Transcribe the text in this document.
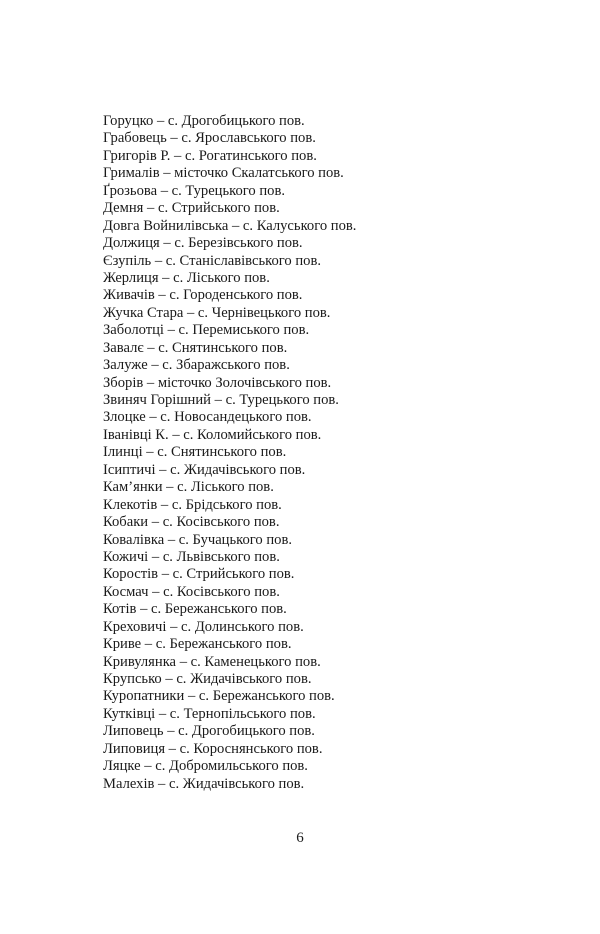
Горуцко – с. Дрогобицького пов.
Грабовець – с. Ярославського пов.
Григорів Р. – с. Рогатинського пов.
Грималів – місточко Скалатського пов.
Ґрозьова – с. Турецького пов.
Демня – с. Стрийського пов.
Довга Войнилівська – с. Калуського пов.
Должиця – с. Березівського пов.
Єзупіль – с. Станіславівського пов.
Жерлиця – с. Ліського пов.
Живачів – с. Городенського пов.
Жучка Стара – с. Чернівецького пов.
Заболотці – с. Перемиського пов.
Завалє – с. Снятинського пов.
Залуже – с. Збаражського пов.
Зборів – місточко Золочівського пов.
Звиняч Горішний – с. Турецького пов.
Злоцке – с. Новосандецького пов.
Іванівці К. – с. Коломийського пов.
Ілинці – с. Снятинського пов.
Ісиптичі – с. Жидачівського пов.
Кам’янки – с. Ліського пов.
Клекотів – с. Брідського пов.
Кобаки – с. Косівського пов.
Ковалівка – с. Бучацького пов.
Кожичі – с. Львівського пов.
Коростів – с. Стрийського пов.
Космач – с. Косівського пов.
Котів – с. Бережанського пов.
Креховичі – с. Долинського пов.
Криве – с. Бережанського пов.
Кривулянка – с. Каменецького пов.
Крупсько – с. Жидачівського пов.
Куропатники – с. Бережанського пов.
Кутківці – с. Тернопільського пов.
Липовець – с. Дрогобицького пов.
Липовиця – с. Короснянського пов.
Ляцке – с. Добромильського пов.
Малехів – с. Жидачівського пов.
6
